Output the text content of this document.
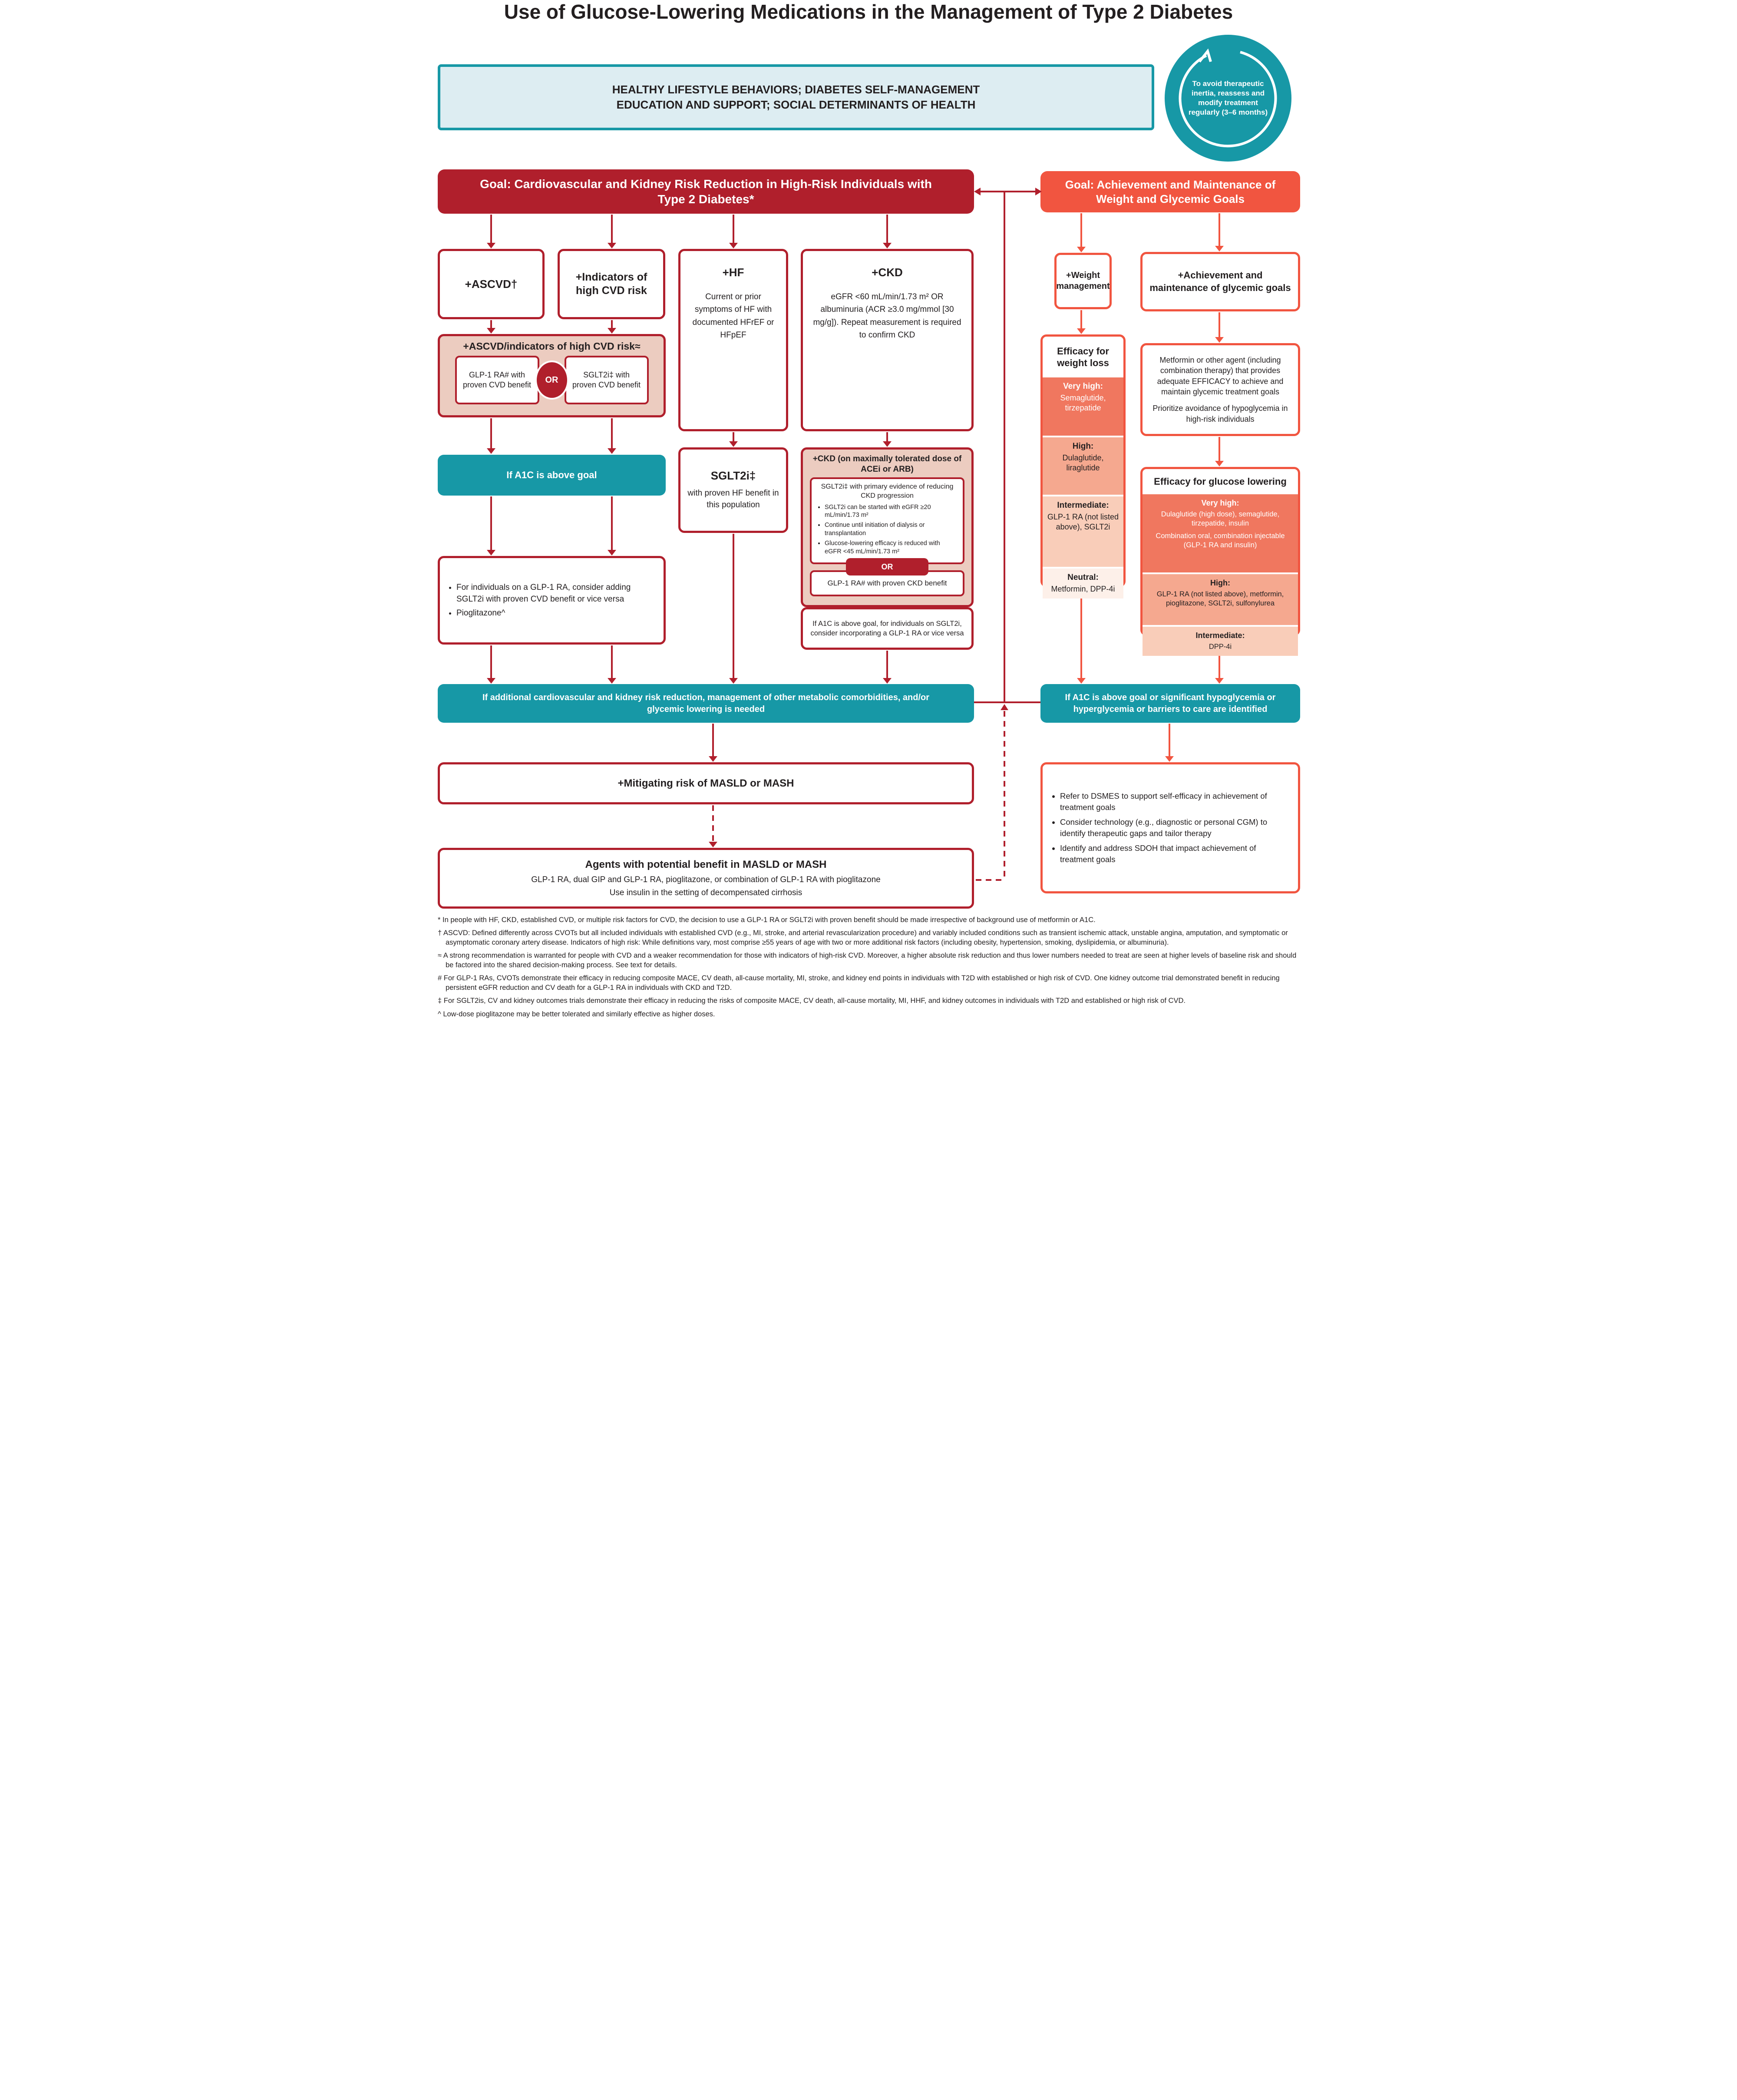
Use of Glucose-Lowering Medications in the Management of Type 2 Diabetes
HEALTHY LIFESTYLE BEHAVIORS; DIABETES SELF-MANAGEMENT EDUCATION AND SUPPORT; SOCIAL DETERMINANTS OF HEALTH
To avoid therapeutic inertia, reassess and modify treatment regularly (3–6 months)
Goal: Cardiovascular and Kidney Risk Reduction in High-Risk Individuals with Type 2 Diabetes*
Goal: Achievement and Maintenance of Weight and Glycemic Goals
+ASCVD†
+Indicators of high CVD risk
+HF
Current or prior symptoms of HF with documented HFrEF or HFpEF
+CKD
eGFR <60 mL/min/1.73 m² OR albuminuria (ACR ≥3.0 mg/mmol [30 mg/g]). Repeat measurement is required to confirm CKD
+ASCVD/indicators of high CVD risk≈
GLP-1 RA# with proven CVD benefit
OR
SGLT2i‡ with proven CVD benefit
If A1C is above goal
• For individuals on a GLP-1 RA, consider adding SGLT2i with proven CVD benefit or vice versa
• Pioglitazone^
SGLT2i‡
with proven HF benefit in this population
+CKD (on maximally tolerated dose of ACEi or ARB)
SGLT2i‡ with primary evidence of reducing CKD progression
• SGLT2i can be started with eGFR ≥20 mL/min/1.73 m²
• Continue until initiation of dialysis or transplantation
• Glucose-lowering efficacy is reduced with eGFR <45 mL/min/1.73 m²
OR
GLP-1 RA# with proven CKD benefit
If A1C is above goal, for individuals on SGLT2i, consider incorporating a GLP-1 RA or vice versa
If additional cardiovascular and kidney risk reduction, management of other metabolic comorbidities, and/or glycemic lowering is needed
If A1C is above goal or significant hypoglycemia or hyperglycemia or barriers to care are identified
+Mitigating risk of MASLD or MASH
Agents with potential benefit in MASLD or MASH
GLP-1 RA, dual GIP and GLP-1 RA, pioglitazone, or combination of GLP-1 RA with pioglitazone
Use insulin in the setting of decompensated cirrhosis
+Weight management
Efficacy for weight loss
Very high:
Semaglutide, tirzepatide
High:
Dulaglutide, liraglutide
Intermediate:
GLP-1 RA (not listed above), SGLT2i
Neutral:
Metformin, DPP-4i
+Achievement and maintenance of glycemic goals
Metformin or other agent (including combination therapy) that provides adequate EFFICACY to achieve and maintain glycemic treatment goals
Prioritize avoidance of hypoglycemia in high-risk individuals
Efficacy for glucose lowering
Very high:
Dulaglutide (high dose), semaglutide, tirzepatide, insulin
Combination oral, combination injectable (GLP-1 RA and insulin)
High:
GLP-1 RA (not listed above), metformin, pioglitazone, SGLT2i, sulfonylurea
Intermediate:
DPP-4i
• Refer to DSMES to support self-efficacy in achievement of treatment goals
• Consider technology (e.g., diagnostic or personal CGM) to identify therapeutic gaps and tailor therapy
• Identify and address SDOH that impact achievement of treatment goals

* In people with HF, CKD, established CVD, or multiple risk factors for CVD, the decision to use a GLP-1 RA or SGLT2i with proven benefit should be made irrespective of background use of metformin or A1C.

† ASCVD: Defined differently across CVOTs but all included individuals with established CVD (e.g., MI, stroke, and arterial revascularization procedure) and variably included conditions such as transient ischemic attack, unstable angina, amputation, and symptomatic or asymptomatic coronary artery disease. Indicators of high risk: While definitions vary, most comprise ≥55 years of age with two or more additional risk factors (including obesity, hypertension, smoking, dyslipidemia, or albuminuria).

≈ A strong recommendation is warranted for people with CVD and a weaker recommendation for those with indicators of high-risk CVD. Moreover, a higher absolute risk reduction and thus lower numbers needed to treat are seen at higher levels of baseline risk and should be factored into the shared decision-making process. See text for details.

# For GLP-1 RAs, CVOTs demonstrate their efficacy in reducing composite MACE, CV death, all-cause mortality, MI, stroke, and kidney end points in individuals with T2D with established or high risk of CVD. One kidney outcome trial demonstrated benefit in reducing persistent eGFR reduction and CV death for a GLP-1 RA in individuals with CKD and T2D.

‡ For SGLT2is, CV and kidney outcomes trials demonstrate their efficacy in reducing the risks of composite MACE, CV death, all-cause mortality, MI, HHF, and kidney outcomes in individuals with T2D and established or high risk of CVD.

^ Low-dose pioglitazone may be better tolerated and similarly effective as higher doses.
